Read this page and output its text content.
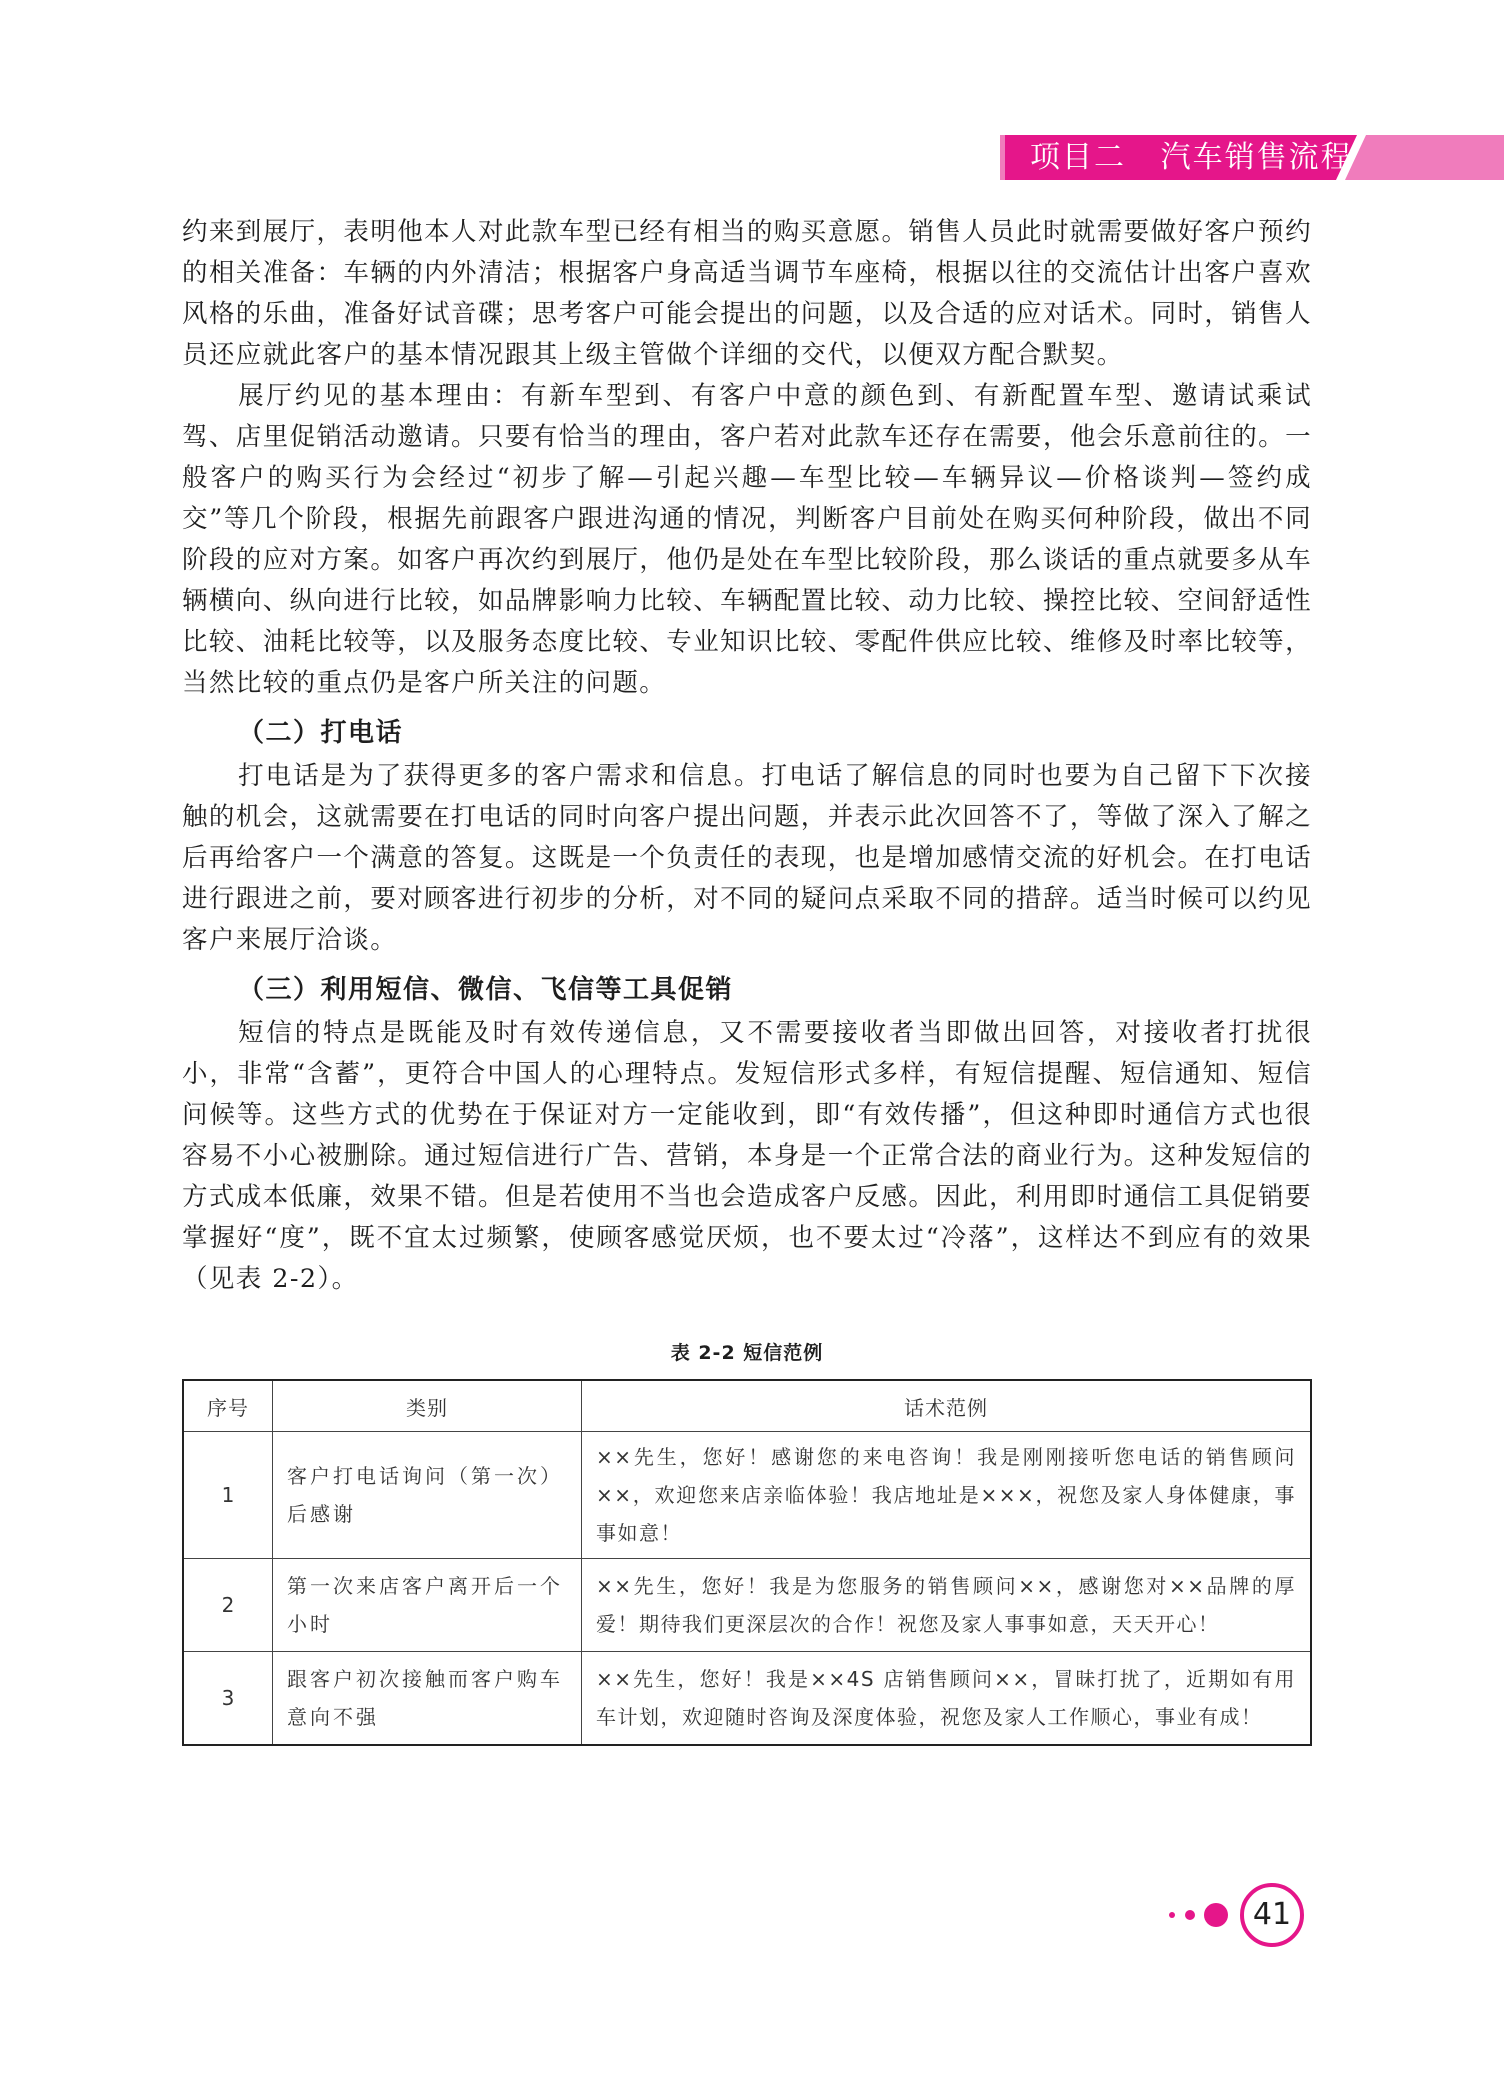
项目二   汽车销售流程

约来到展厅，表明他本人对此款车型已经有相当的购买意愿。销售人员此时就需要做好客户预约的相关准备：车辆的内外清洁；根据客户身高适当调节车座椅，根据以往的交流估计出客户喜欢风格的乐曲，准备好试音碟；思考客户可能会提出的问题，以及合适的应对话术。同时，销售人员还应就此客户的基本情况跟其上级主管做个详细的交代，以便双方配合默契。

展厅约见的基本理由：有新车型到、有客户中意的颜色到、有新配置车型、邀请试乘试驾、店里促销活动邀请。只要有恰当的理由，客户若对此款车还存在需要，他会乐意前往的。一般客户的购买行为会经过“初步了解—引起兴趣—车型比较—车辆异议—价格谈判—签约成交”等几个阶段，根据先前跟客户跟进沟通的情况，判断客户目前处在购买何种阶段，做出不同阶段的应对方案。如客户再次约到展厅，他仍是处在车型比较阶段，那么谈话的重点就要多从车辆横向、纵向进行比较，如品牌影响力比较、车辆配置比较、动力比较、操控比较、空间舒适性比较、油耗比较等，以及服务态度比较、专业知识比较、零配件供应比较、维修及时率比较等，当然比较的重点仍是客户所关注的问题。

（二）打电话

打电话是为了获得更多的客户需求和信息。打电话了解信息的同时也要为自己留下下次接触的机会，这就需要在打电话的同时向客户提出问题，并表示此次回答不了，等做了深入了解之后再给客户一个满意的答复。这既是一个负责任的表现，也是增加感情交流的好机会。在打电话进行跟进之前，要对顾客进行初步的分析，对不同的疑问点采取不同的措辞。适当时候可以约见客户来展厅洽谈。

（三）利用短信、微信、飞信等工具促销

短信的特点是既能及时有效传递信息，又不需要接收者当即做出回答，对接收者打扰很小，非常“含蓄”，更符合中国人的心理特点。发短信形式多样，有短信提醒、短信通知、短信问候等。这些方式的优势在于保证对方一定能收到，即“有效传播”，但这种即时通信方式也很容易不小心被删除。通过短信进行广告、营销，本身是一个正常合法的商业行为。这种发短信的方式成本低廉，效果不错。但是若使用不当也会造成客户反感。因此，利用即时通信工具促销要掌握好“度”，既不宜太过频繁，使顾客感觉厌烦，也不要太过“冷落”，这样达不到应有的效果（见表 2-2）。

表 2-2 短信范例
序号	类别	话术范例
1	客户打电话询问（第一次）后感谢	××先生，您好！感谢您的来电咨询！我是刚刚接听您电话的销售顾问××，欢迎您来店亲临体验！我店地址是×××，祝您及家人身体健康，事事如意！
2	第一次来店客户离开后一个小时	××先生，您好！我是为您服务的销售顾问××，感谢您对××品牌的厚爱！期待我们更深层次的合作！祝您及家人事事如意，天天开心！
3	跟客户初次接触而客户购车意向不强	××先生，您好！我是××4S 店销售顾问××，冒昧打扰了，近期如有用车计划，欢迎随时咨询及深度体验，祝您及家人工作顺心，事业有成！
41
